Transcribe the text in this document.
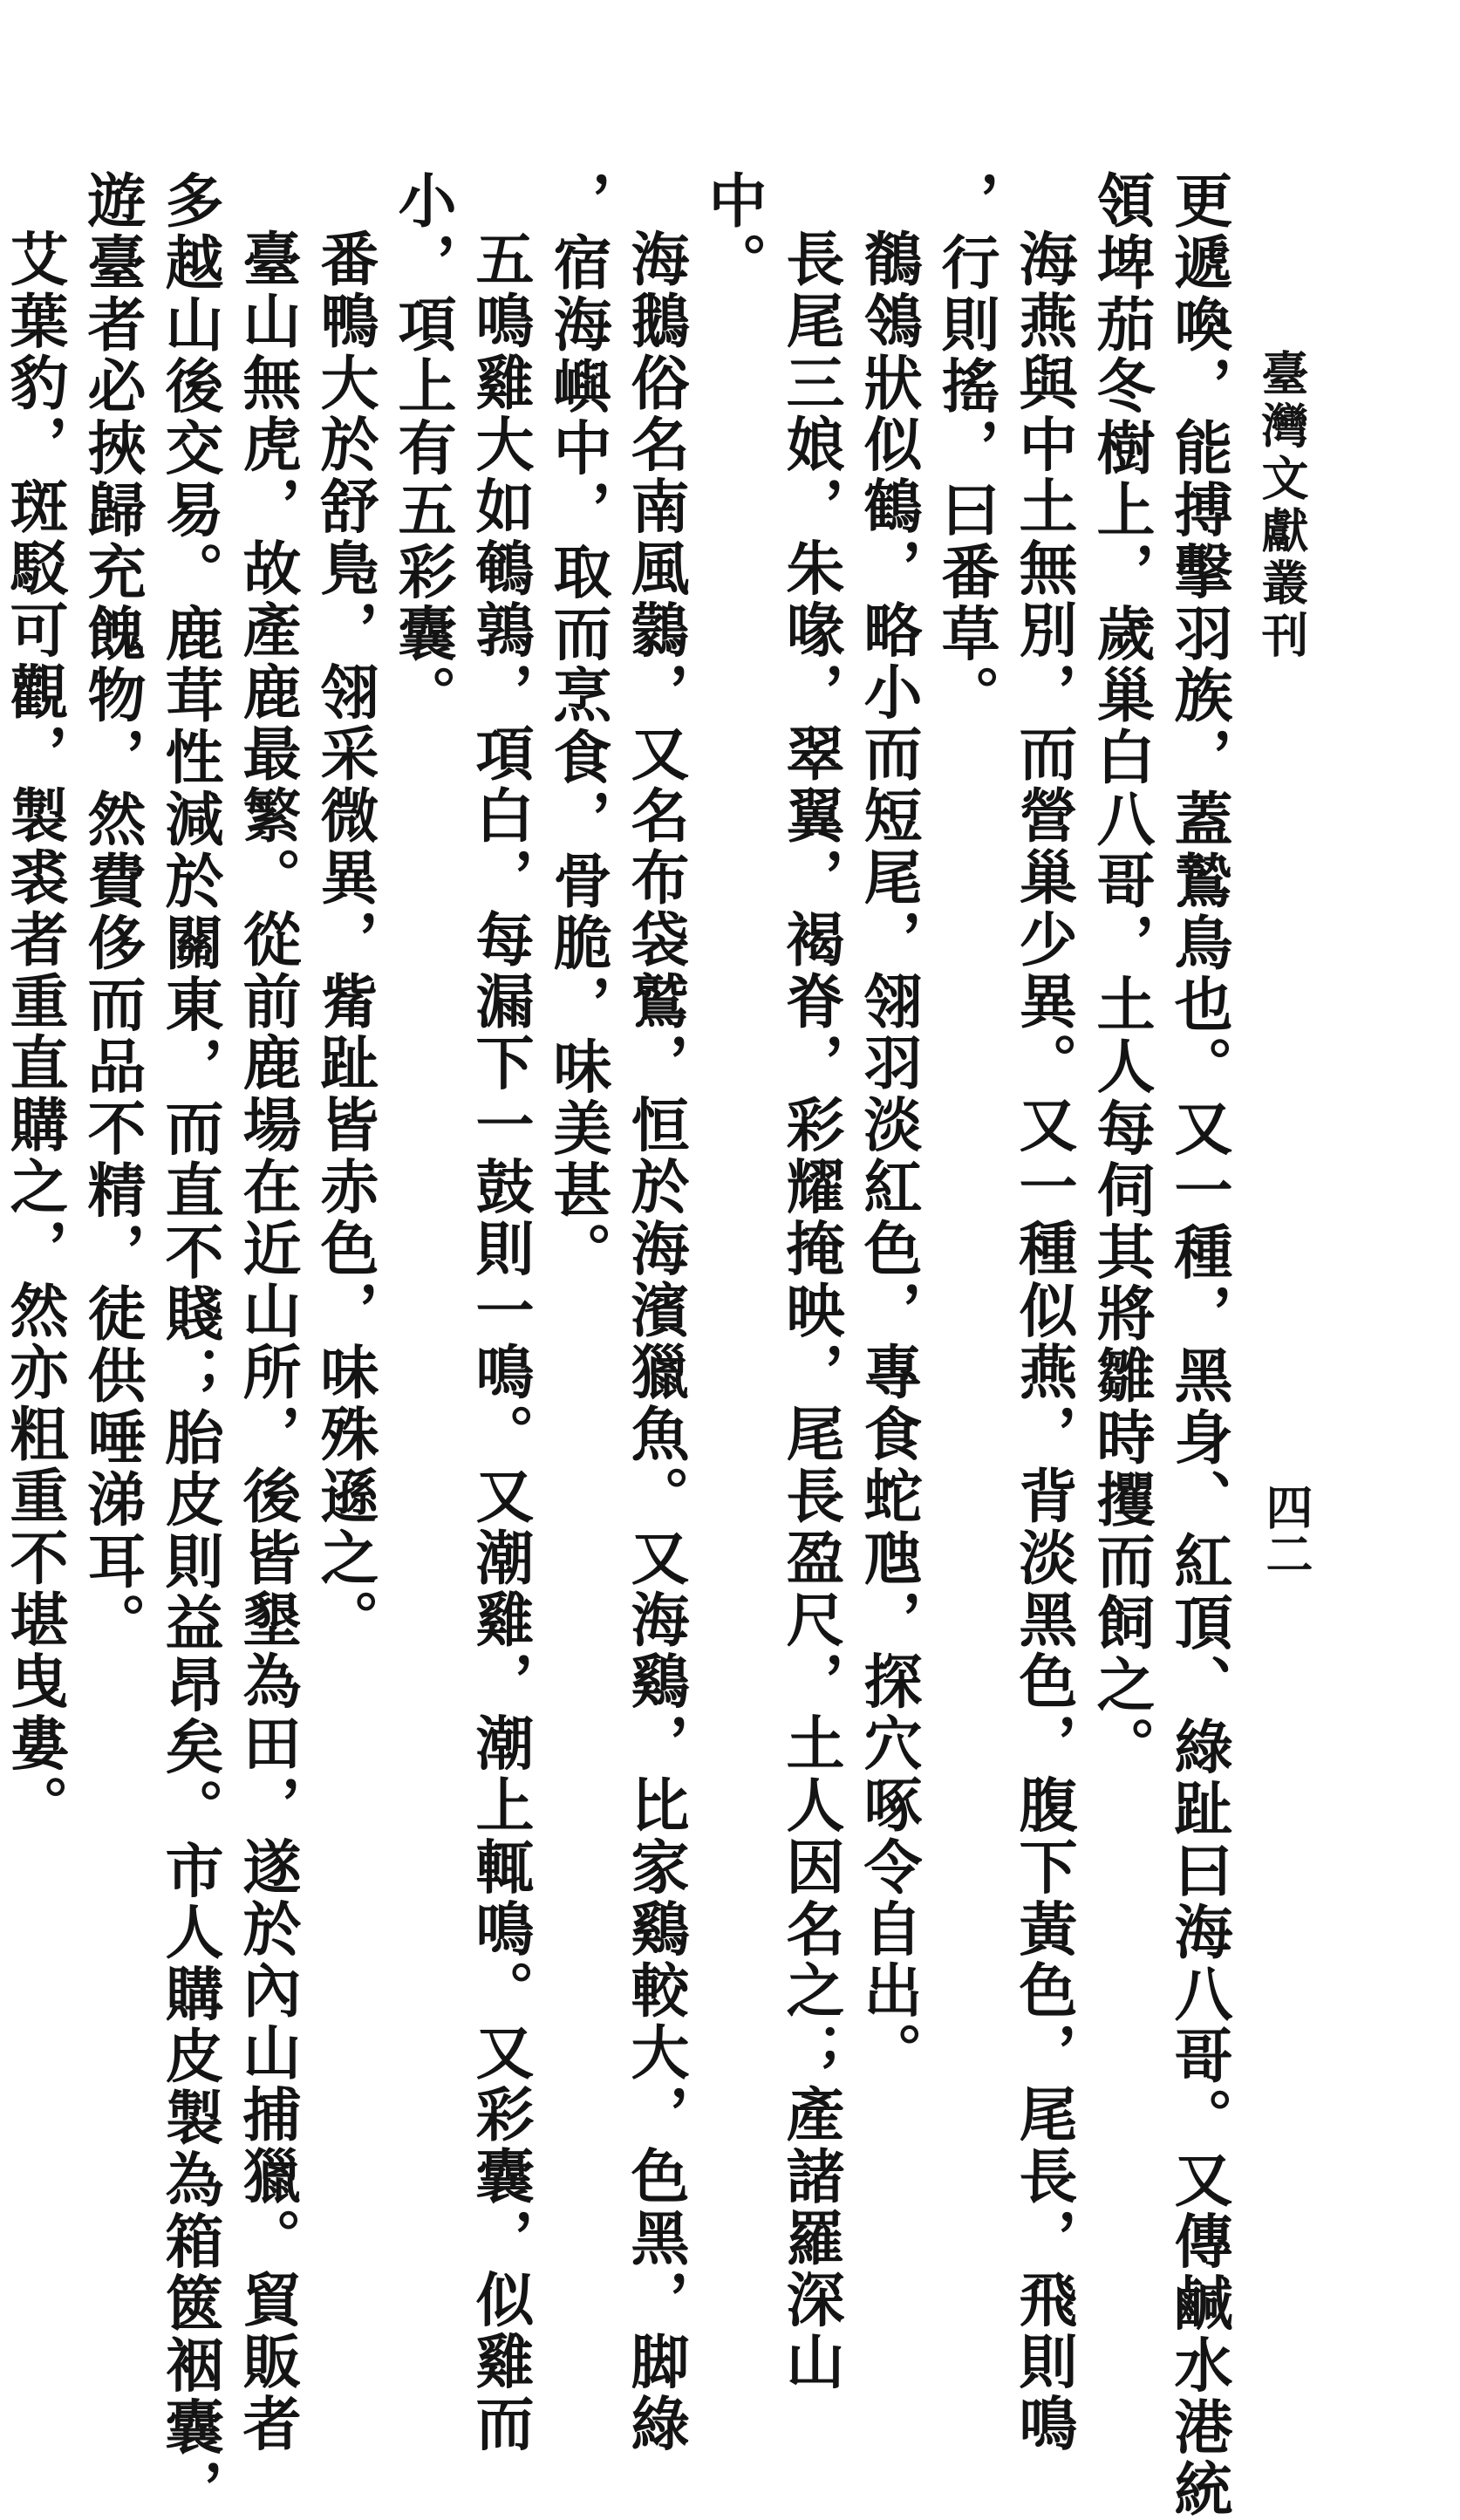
臺灣文獻叢刊
四二

更遞喚，能搏擊羽族，蓋鷙鳥也。又一種，黑身、紅頂、綠趾曰海八哥。又傳鹹水港統

領埤茄冬樹上，歲巢白八哥，土人每伺其將雛時攫而飼之。

海燕與中土無別，而營巢少異。又一種似燕，背淡黑色，腹下黃色，尾長，飛則鳴

，行則搖，曰番草。

鶺鴒狀似鶴，略小而短尾，翎羽淡紅色，專食蛇虺，探穴啄令自出。

長尾三娘，朱喙，翠翼，褐脊，彩耀掩映，尾長盈尺，土人因名之；產諸羅深山

中。

海鵝俗名南風鸏，又名布袋鷲，恒於海濱獵魚。又海鷄，比家鷄較大，色黑，脚綠

，宿海嶼中，取而烹食，骨脆，味美甚。

五鳴雞大如鵪鶉，項白，每漏下一鼓則一鳴。又潮雞，潮上輒鳴。又彩囊，似雞而

小，項上有五彩囊。

番鴨大於舒鳬，翎采微異，觜趾皆赤色，味殊遜之。

臺山無虎，故產鹿最繁。從前鹿場在近山所，後皆墾為田，遂於內山捕獵。貿販者

多越山後交易。鹿茸性減於關東，而直不賤；胎皮則益昂矣。市人購皮製為箱篋裀囊，

遊臺者必挾歸充餽物，然費侈而品不精，徒供唾涕耳。

艾葉豹，斑駁可觀，製裘者重直購之，然亦粗重不堪曳婁。
